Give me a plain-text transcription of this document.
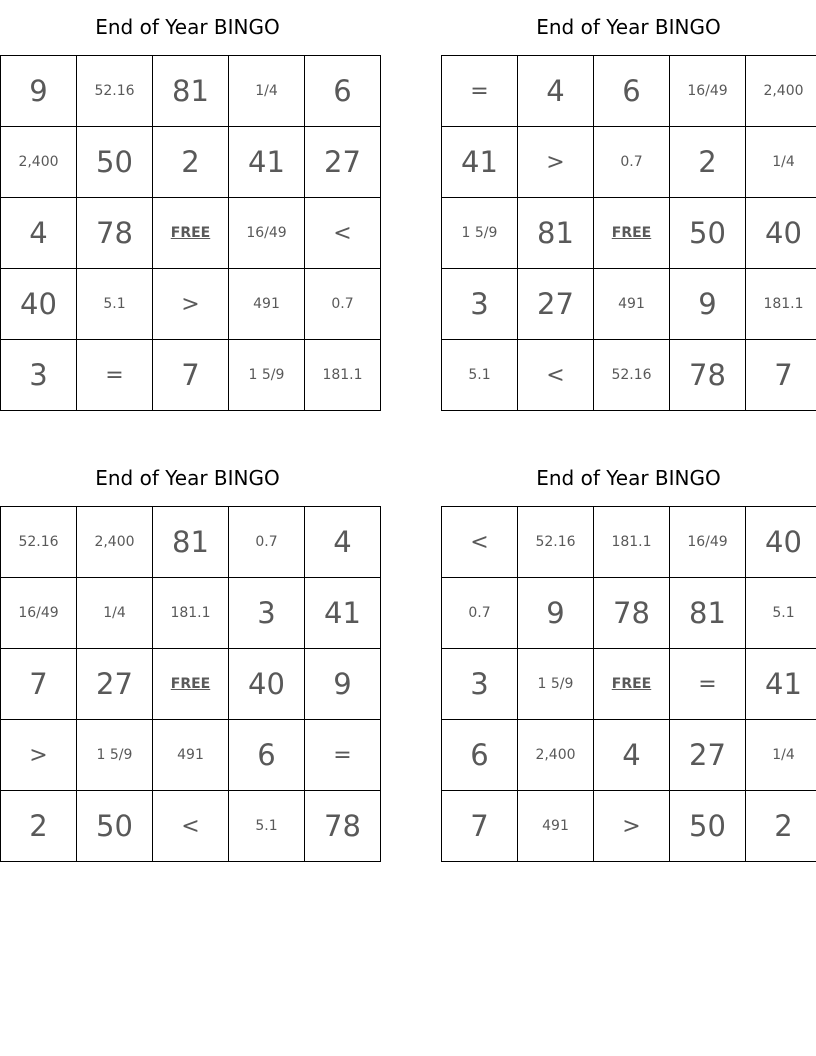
End of Year BINGO
9	52.16	81	1/4	6
2,400	50	2	41	27
4	78	FREE	16/49	<
40	5.1	>	491	0.7
3	=	7	1 5/9	181.1
End of Year BINGO
=	4	6	16/49	2,400
41	>	0.7	2	1/4
1 5/9	81	FREE	50	40
3	27	491	9	181.1
5.1	<	52.16	78	7
End of Year BINGO
52.16	2,400	81	0.7	4
16/49	1/4	181.1	3	41
7	27	FREE	40	9
>	1 5/9	491	6	=
2	50	<	5.1	78
End of Year BINGO
<	52.16	181.1	16/49	40
0.7	9	78	81	5.1
3	1 5/9	FREE	=	41
6	2,400	4	27	1/4
7	491	>	50	2
